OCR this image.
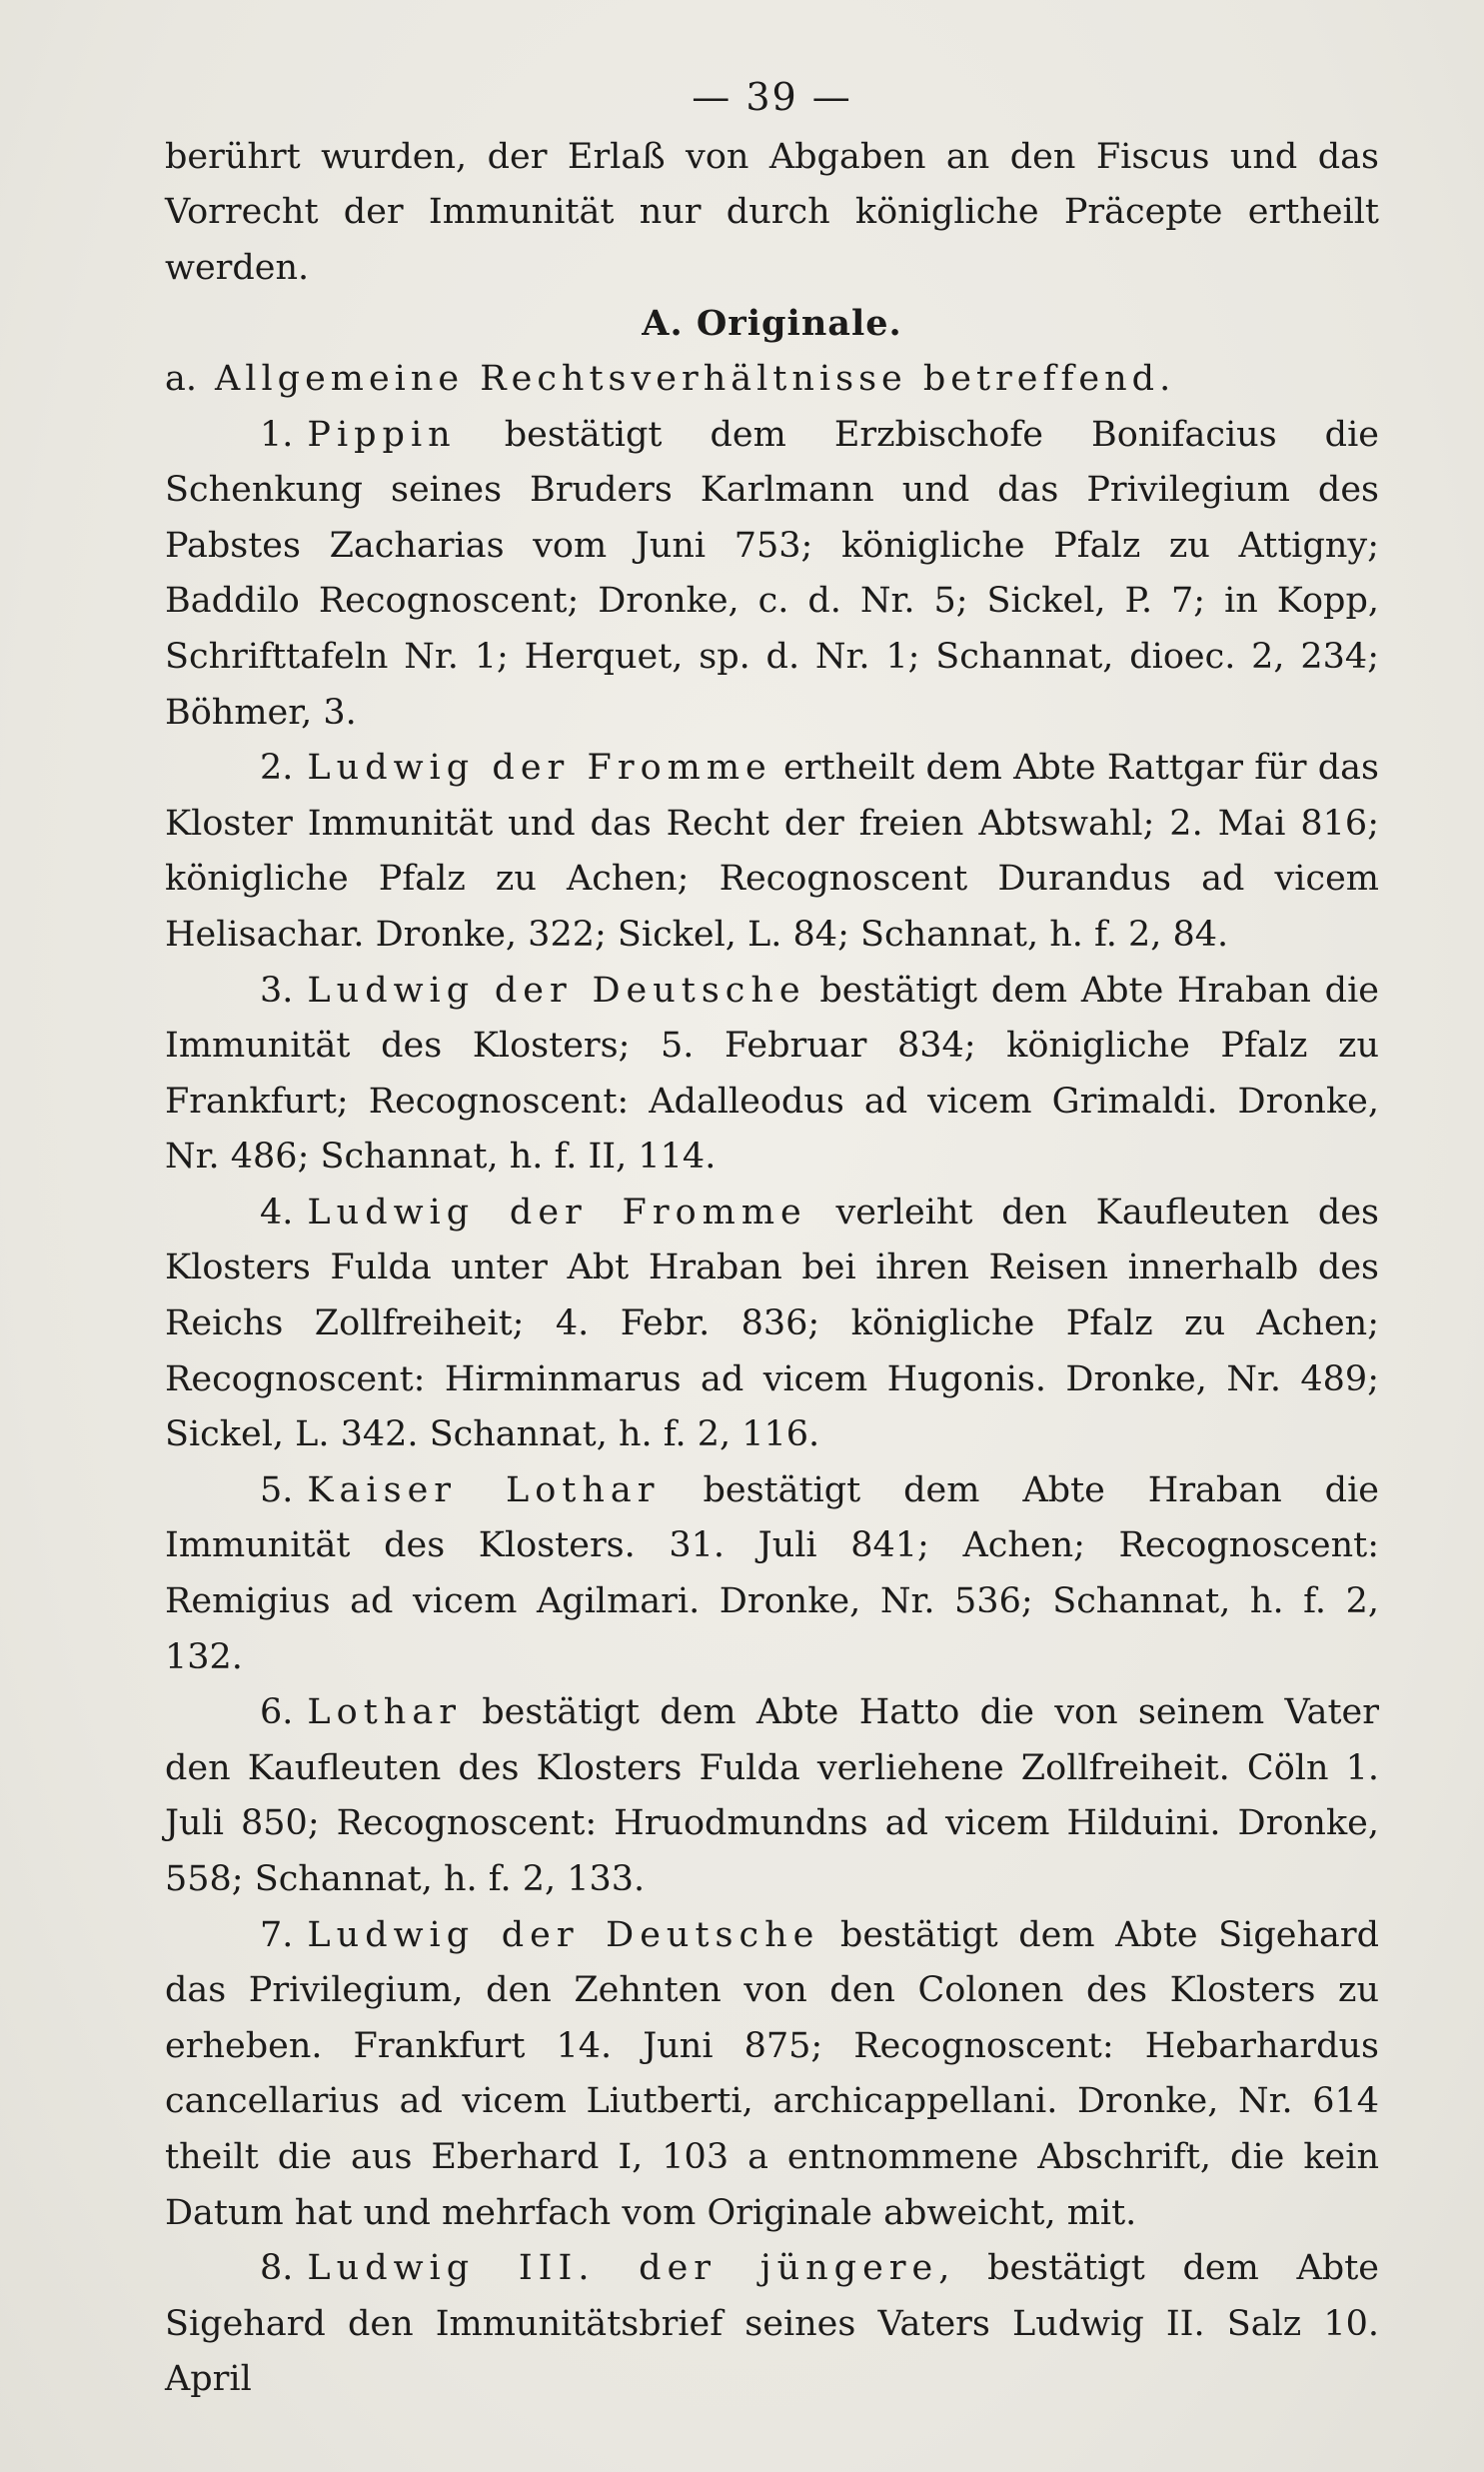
— 39 —

berührt wurden, der Erlaß von Abgaben an den Fiscus und das Vorrecht der Immunität nur durch königliche Präcepte ertheilt werden.

A. Originale.

a. Allgemeine Rechtsverhältnisse betreffend.

1. Pippin bestätigt dem Erzbischofe Bonifacius die Schenkung seines Bruders Karlmann und das Privilegium des Pabstes Zacharias vom Juni 753; königliche Pfalz zu Attigny; Baddilo Recognoscent; Dronke, c. d. Nr. 5; Sickel, P. 7; in Kopp, Schrifttafeln Nr. 1; Herquet, sp. d. Nr. 1; Schannat, dioec. 2, 234; Böhmer, 3.

2. Ludwig der Fromme ertheilt dem Abte Rattgar für das Kloster Immunität und das Recht der freien Abtswahl; 2. Mai 816; königliche Pfalz zu Achen; Recognoscent Durandus ad vicem Helisachar. Dronke, 322; Sickel, L. 84; Schannat, h. f. 2, 84.

3. Ludwig der Deutsche bestätigt dem Abte Hraban die Immunität des Klosters; 5. Februar 834; königliche Pfalz zu Frankfurt; Recognoscent: Adalleodus ad vicem Grimaldi. Dronke, Nr. 486; Schannat, h. f. II, 114.

4. Ludwig der Fromme verleiht den Kaufleuten des Klosters Fulda unter Abt Hraban bei ihren Reisen innerhalb des Reichs Zollfreiheit; 4. Febr. 836; königliche Pfalz zu Achen; Recognoscent: Hirminmarus ad vicem Hugonis. Dronke, Nr. 489; Sickel, L. 342. Schannat, h. f. 2, 116.

5. Kaiser Lothar bestätigt dem Abte Hraban die Immunität des Klosters. 31. Juli 841; Achen; Recognoscent: Remigius ad vicem Agilmari. Dronke, Nr. 536; Schannat, h. f. 2, 132.

6. Lothar bestätigt dem Abte Hatto die von seinem Vater den Kaufleuten des Klosters Fulda verliehene Zollfreiheit. Cöln 1. Juli 850; Recognoscent: Hruodmundns ad vicem Hilduini. Dronke, 558; Schannat, h. f. 2, 133.

7. Ludwig der Deutsche bestätigt dem Abte Sigehard das Privilegium, den Zehnten von den Colonen des Klosters zu erheben. Frankfurt 14. Juni 875; Recognoscent: Hebarhardus cancellarius ad vicem Liutberti, archicappellani. Dronke, Nr. 614 theilt die aus Eberhard I, 103 a entnommene Abschrift, die kein Datum hat und mehrfach vom Originale abweicht, mit.

8. Ludwig III. der jüngere, bestätigt dem Abte Sigehard den Immunitätsbrief seines Vaters Ludwig II. Salz 10. April
